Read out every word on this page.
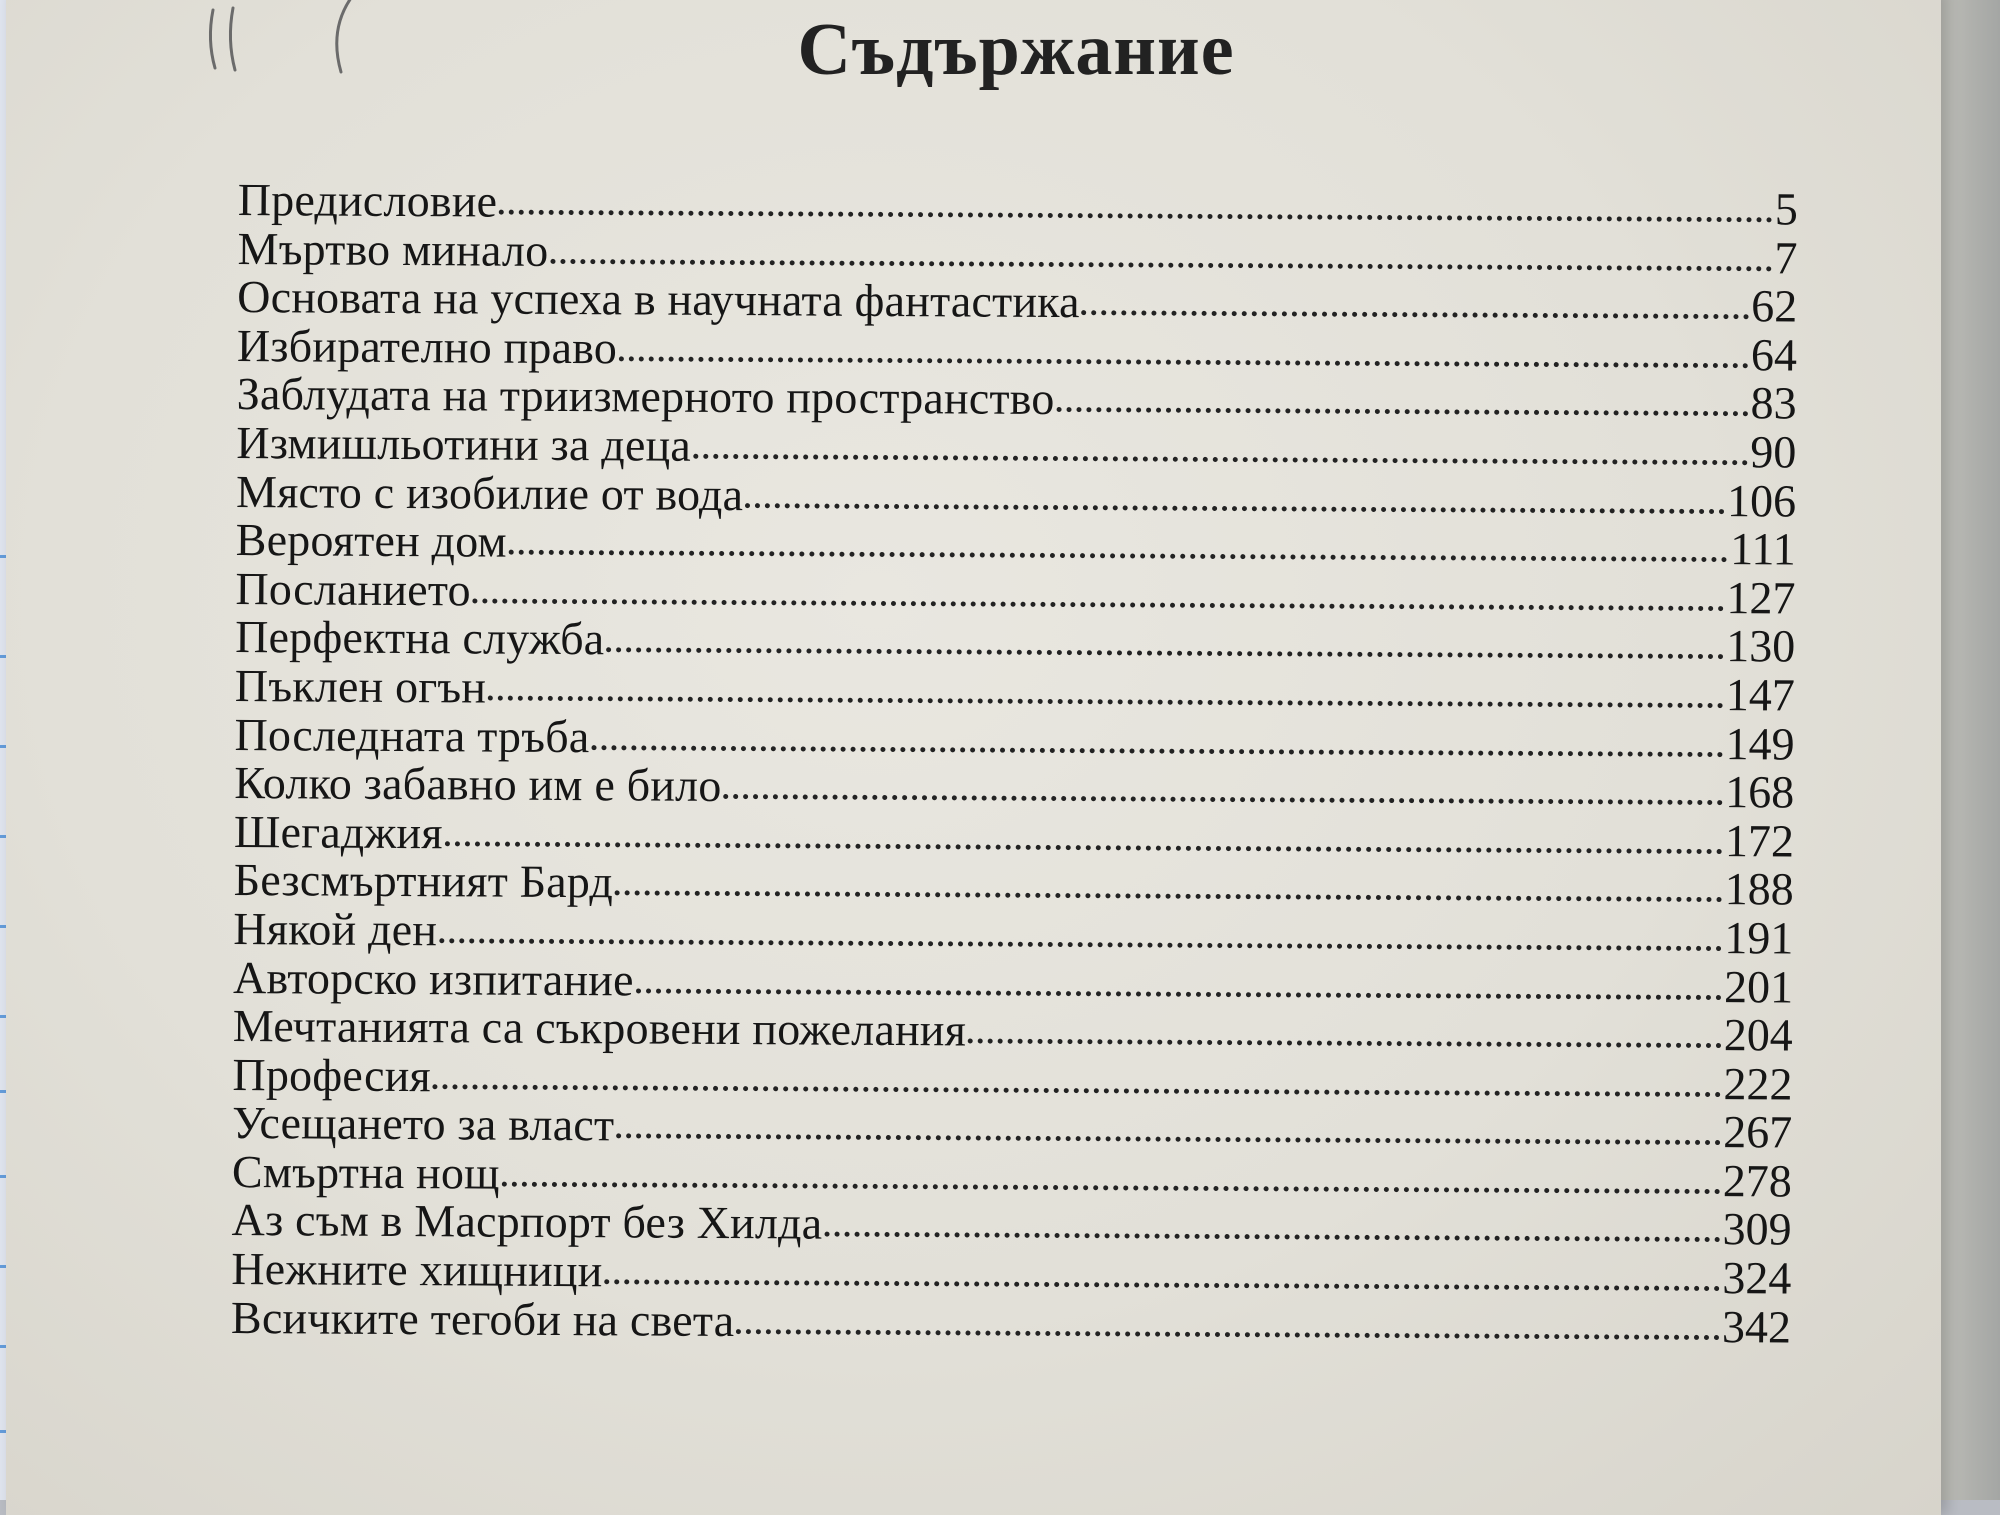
Съдържание
Предисловие	5
Мъртво минало	7
Основата на успеха в научната фантастика	62
Избирателно право	64
Заблудата на триизмерното пространство	83
Измишльотини за деца	90
Място с изобилие от вода	106
Вероятен дом	111
Посланието	127
Перфектна служба	130
Пъклен огън	147
Последната тръба	149
Колко забавно им е било	168
Шегаджия	172
Безсмъртният Бард	188
Някой ден	191
Авторско изпитание	201
Мечтанията са съкровени пожелания	204
Професия	222
Усещането за власт	267
Смъртна нощ	278
Аз съм в Масрпорт без Хилда	309
Нежните хищници	324
Всичките тегоби на света	342
